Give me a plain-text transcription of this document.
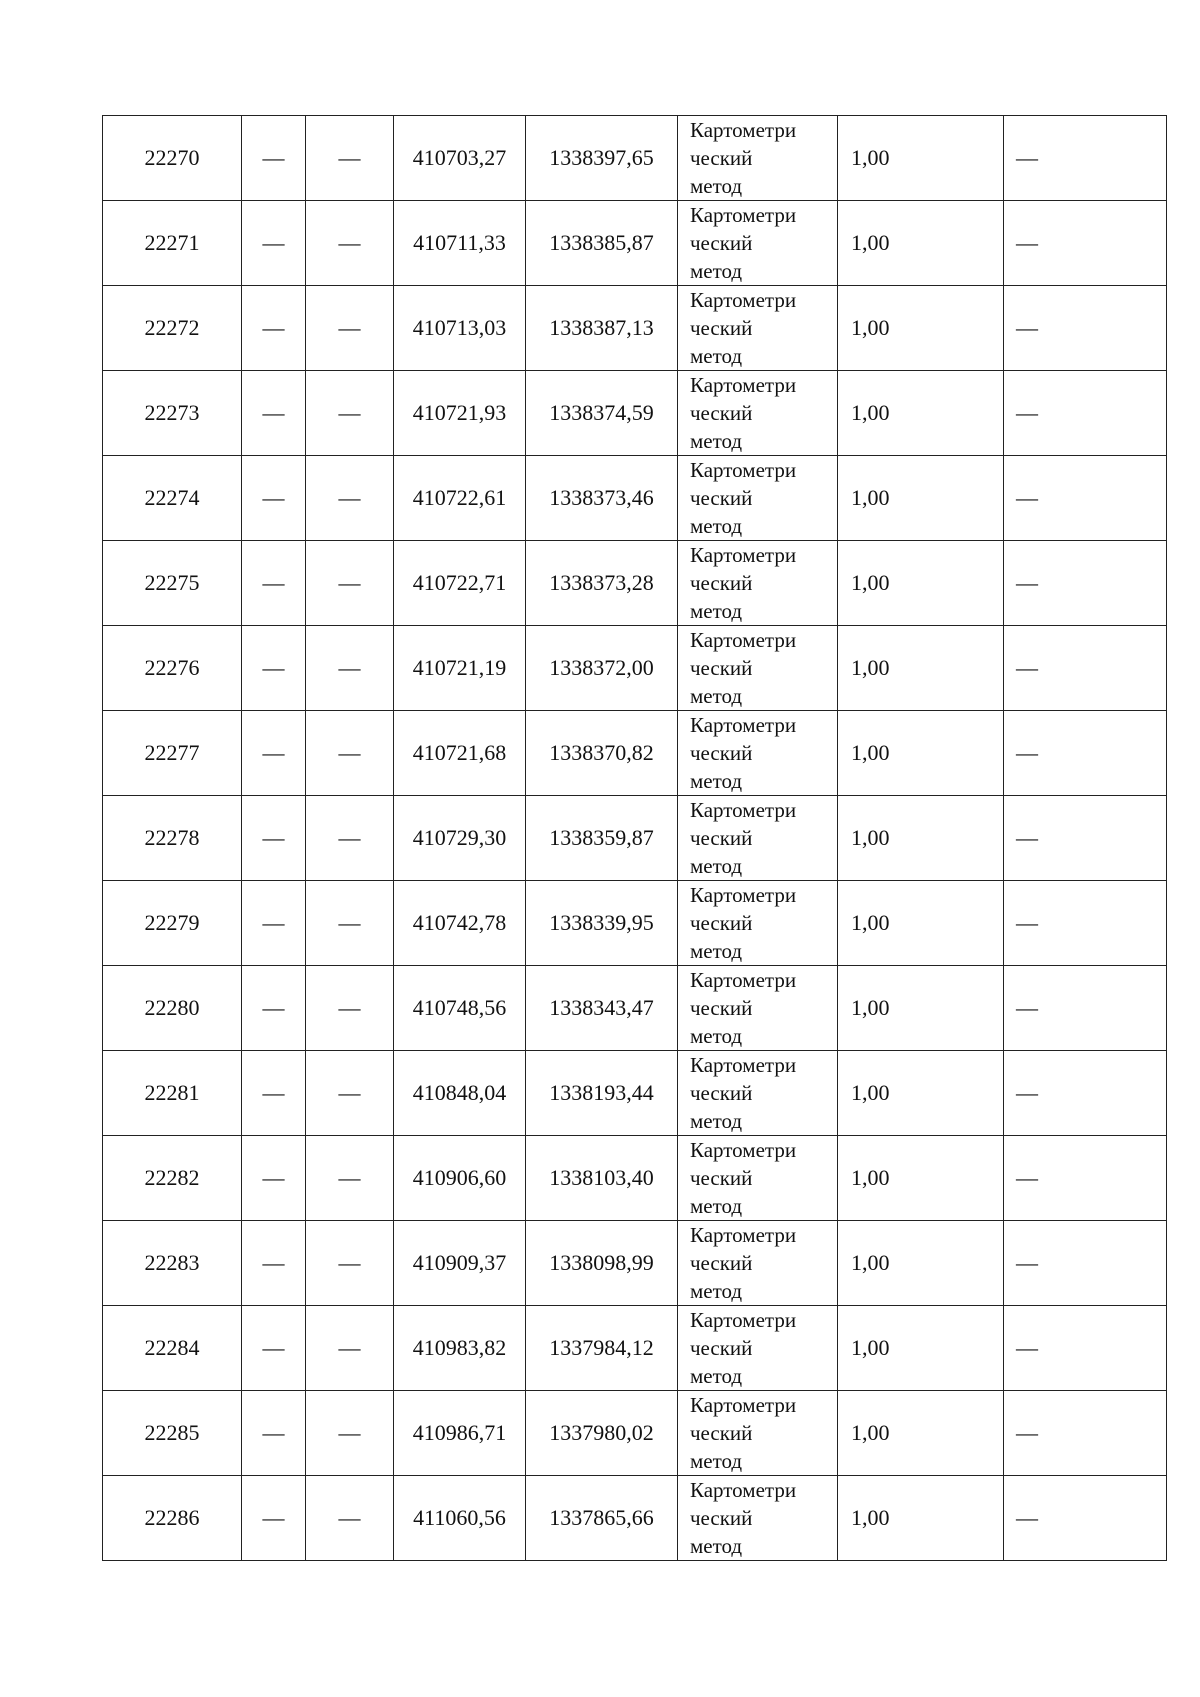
22270	—	—	410703,27	1338397,65	Картометри
ческий
метод	1,00	—
22271	—	—	410711,33	1338385,87	Картометри
ческий
метод	1,00	—
22272	—	—	410713,03	1338387,13	Картометри
ческий
метод	1,00	—
22273	—	—	410721,93	1338374,59	Картометри
ческий
метод	1,00	—
22274	—	—	410722,61	1338373,46	Картометри
ческий
метод	1,00	—
22275	—	—	410722,71	1338373,28	Картометри
ческий
метод	1,00	—
22276	—	—	410721,19	1338372,00	Картометри
ческий
метод	1,00	—
22277	—	—	410721,68	1338370,82	Картометри
ческий
метод	1,00	—
22278	—	—	410729,30	1338359,87	Картометри
ческий
метод	1,00	—
22279	—	—	410742,78	1338339,95	Картометри
ческий
метод	1,00	—
22280	—	—	410748,56	1338343,47	Картометри
ческий
метод	1,00	—
22281	—	—	410848,04	1338193,44	Картометри
ческий
метод	1,00	—
22282	—	—	410906,60	1338103,40	Картометри
ческий
метод	1,00	—
22283	—	—	410909,37	1338098,99	Картометри
ческий
метод	1,00	—
22284	—	—	410983,82	1337984,12	Картометри
ческий
метод	1,00	—
22285	—	—	410986,71	1337980,02	Картометри
ческий
метод	1,00	—
22286	—	—	411060,56	1337865,66	Картометри
ческий
метод	1,00	—
